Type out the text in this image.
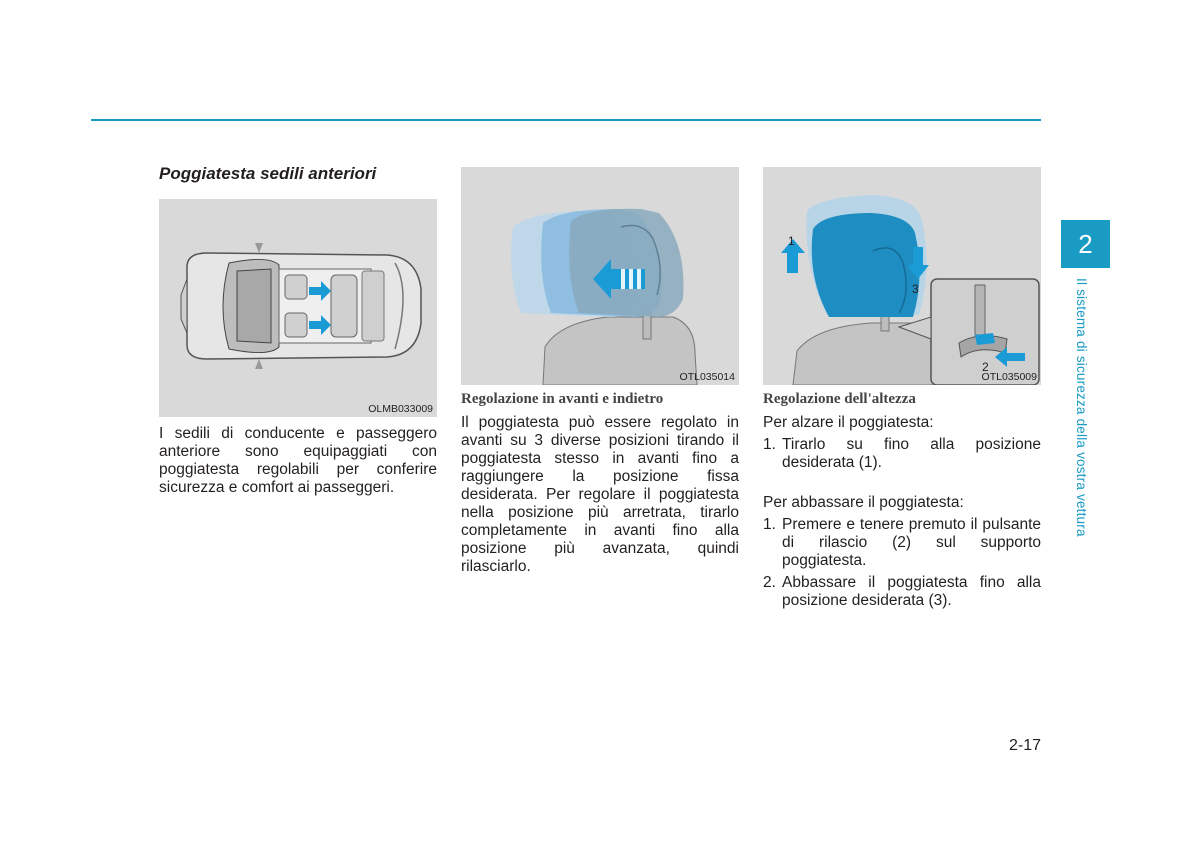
Poggiatesta sedili anteriori
OLMB033009

I sedili di conducente e passeggero anteriore sono equipaggiati con poggiatesta regolabili per conferire sicurezza e comfort ai passeggeri.

OTL035014
Regolazione in avanti e indietro

Il poggiatesta può essere regolato in avanti su 3 diverse posizioni tirando il poggiatesta stesso in avanti fino a raggiungere la posizione fissa desiderata. Per regolare il poggiatesta nella posizione più arretrata, tirarlo completamente in avanti fino alla posizione più avanzata, quindi rilasciarlo.

1
3
2
OTL035009
Regolazione dell'altezza

Per alzare il poggiatesta:

1. Tirarlo su fino alla posizione desiderata (1).

Per abbassare il poggiatesta:

1. Premere e tenere premuto il pulsante di rilascio (2) sul supporto poggiatesta.
2. Abbassare il poggiatesta fino alla posizione desiderata (3).
2
Il sistema di sicurezza della vostra vettura
2-17
